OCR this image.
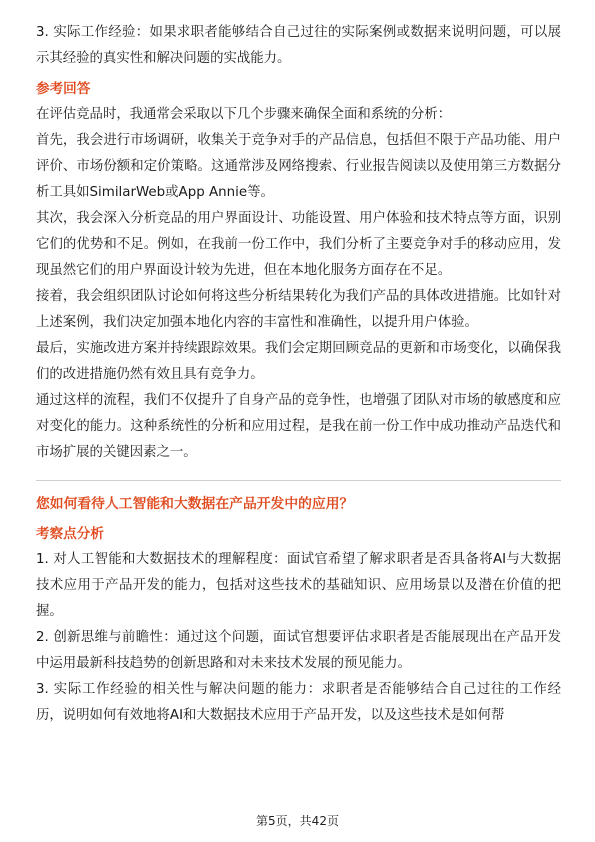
3. 实际工作经验：如果求职者能够结合自己过往的实际案例或数据来说明问题，可以展示其经验的真实性和解决问题的实战能力。

参考回答

在评估竞品时，我通常会采取以下几个步骤来确保全面和系统的分析：

首先，我会进行市场调研，收集关于竞争对手的产品信息，包括但不限于产品功能、用户评价、市场份额和定价策略。这通常涉及网络搜索、行业报告阅读以及使用第三方数据分析工具如SimilarWeb或App Annie等。

其次，我会深入分析竞品的用户界面设计、功能设置、用户体验和技术特点等方面，识别它们的优势和不足。例如，在我前一份工作中，我们分析了主要竞争对手的移动应用，发现虽然它们的用户界面设计较为先进，但在本地化服务方面存在不足。

接着，我会组织团队讨论如何将这些分析结果转化为我们产品的具体改进措施。比如针对上述案例，我们决定加强本地化内容的丰富性和准确性，以提升用户体验。

最后，实施改进方案并持续跟踪效果。我们会定期回顾竞品的更新和市场变化，以确保我们的改进措施仍然有效且具有竞争力。

通过这样的流程，我们不仅提升了自身产品的竞争性，也增强了团队对市场的敏感度和应对变化的能力。这种系统性的分析和应用过程，是我在前一份工作中成功推动产品迭代和市场扩展的关键因素之一。

您如何看待人工智能和大数据在产品开发中的应用？
考察点分析

1. 对人工智能和大数据技术的理解程度：面试官希望了解求职者是否具备将AI与大数据技术应用于产品开发的能力，包括对这些技术的基础知识、应用场景以及潜在价值的把握。

2. 创新思维与前瞻性：通过这个问题，面试官想要评估求职者是否能展现出在产品开发中运用最新科技趋势的创新思路和对未来技术发展的预见能力。

3. 实际工作经验的相关性与解决问题的能力：求职者是否能够结合自己过往的工作经历，说明如何有效地将AI和大数据技术应用于产品开发，以及这些技术是如何帮

第5页，共42页
